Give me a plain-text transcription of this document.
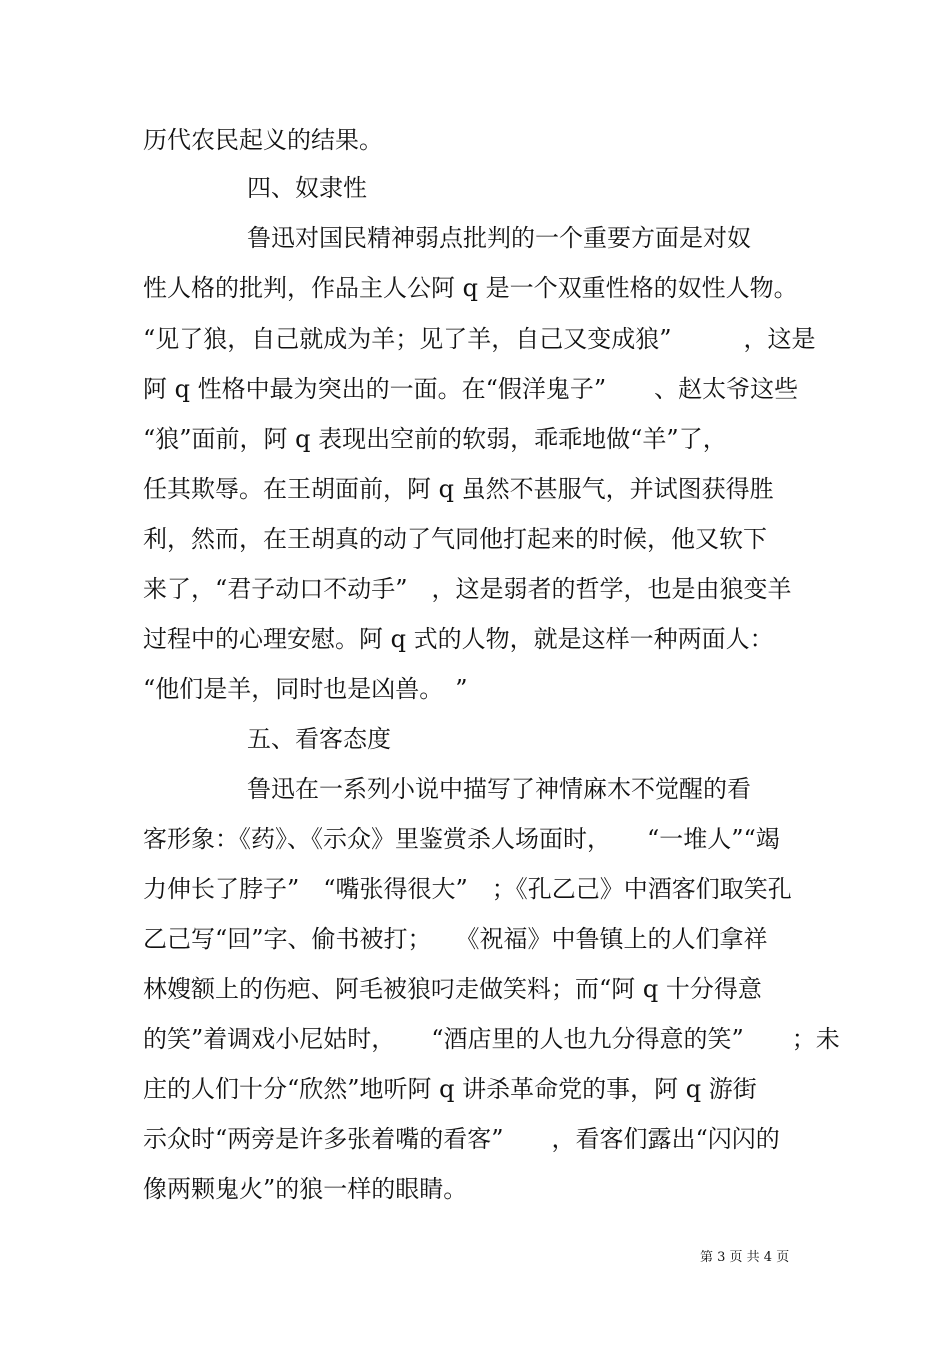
历代农民起义的结果。
四、奴隶性
鲁迅对国民精神弱点批判的一个重要方面是对奴
性人格的批判，作品主人公阿 q 是一个双重性格的奴性人物。
“见了狼，自己就成为羊；见了羊，自己又变成狼”　　　，这是
阿 q 性格中最为突出的一面。在“假洋鬼子”　　、赵太爷这些
“狼”面前，阿 q 表现出空前的软弱，乖乖地做“羊”了，
任其欺辱。在王胡面前，阿 q 虽然不甚服气，并试图获得胜
利，然而，在王胡真的动了气同他打起来的时候，他又软下
来了，“君子动口不动手”　，这是弱者的哲学，也是由狼变羊
过程中的心理安慰。阿 q 式的人物，就是这样一种两面人：
“他们是羊，同时也是凶兽。　”
五、看客态度
鲁迅在一系列小说中描写了神情麻木不觉醒的看
客形象：《药》、《示众》里鉴赏杀人场面时，　　“一堆人”“竭
力伸长了脖子”　“嘴张得很大”　；《孔乙己》中酒客们取笑孔
乙己写“回”字、偷书被打；　　《祝福》中鲁镇上的人们拿祥
林嫂额上的伤疤、阿毛被狼叼走做笑料；而“阿 q 十分得意
的笑”着调戏小尼姑时，　　“酒店里的人也九分得意的笑”　　；未
庄的人们十分“欣然”地听阿 q 讲杀革命党的事，阿 q 游街
示众时“两旁是许多张着嘴的看客”　　，看客们露出“闪闪的
像两颗鬼火”的狼一样的眼睛。
第 3 页 共 4 页
